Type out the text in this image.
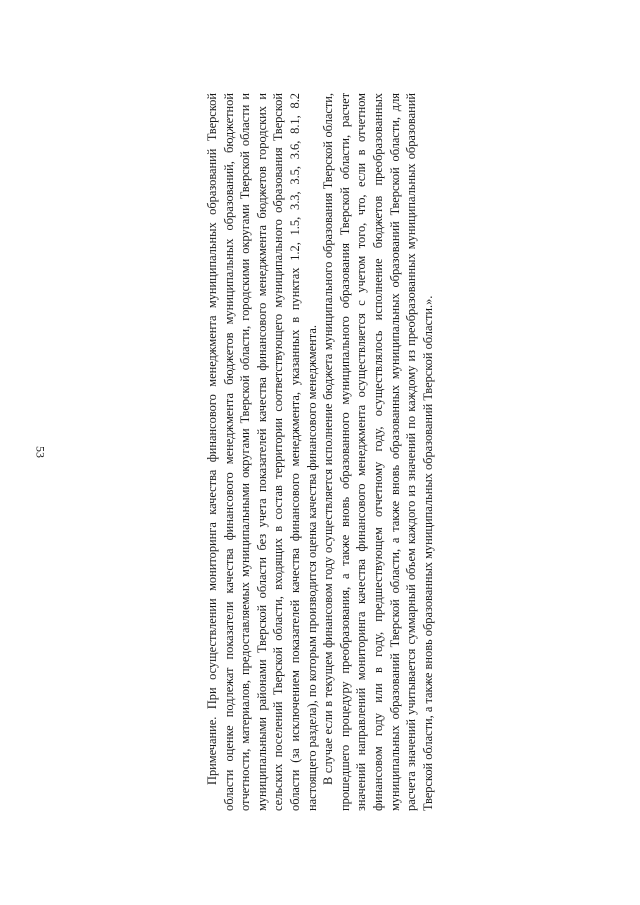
53	Примечание. При осуществлении мониторинга качества финансового менеджмента муниципальных образований Тверской области оценке подлежат показатели качества финансового менеджмента бюджетов муниципальных образований, бюджетной отчетности, материалов, предоставляемых муниципальными округами Тверской области, городскими округами Тверской области и муниципальными районами Тверской области без учета показателей качества финансового менеджмента бюджетов городских и сельских поселений Тверской области, входящих в состав территории соответствующего муниципального образования Тверской области (за исключением показателей качества финансового менеджмента, указанных в пунктах 1.2, 1.5, 3.3, 3.5, 3.6, 8.1, 8.2 настоящего раздела), по которым производится оценка качества финансового менеджмента. В случае если в текущем финансовом году осуществляется исполнение бюджета муниципального образования Тверской области, прошедшего процедуру преобразования, а также вновь образованного муниципального образования Тверской области, расчет значений направлений мониторинга качества финансового менеджмента осуществляется с учетом того, что, если в отчетном финансовом году или в году, предшествующем отчетному году, осуществлялось исполнение бюджетов преобразованных муниципальных образований Тверской области, а также вновь образованных муниципальных образований Тверской области, для расчета значений учитывается суммарный объем каждого из значений по каждому из преобразованных муниципальных образований Тверской области, а также вновь образованных муниципальных образований Тверской области.».
